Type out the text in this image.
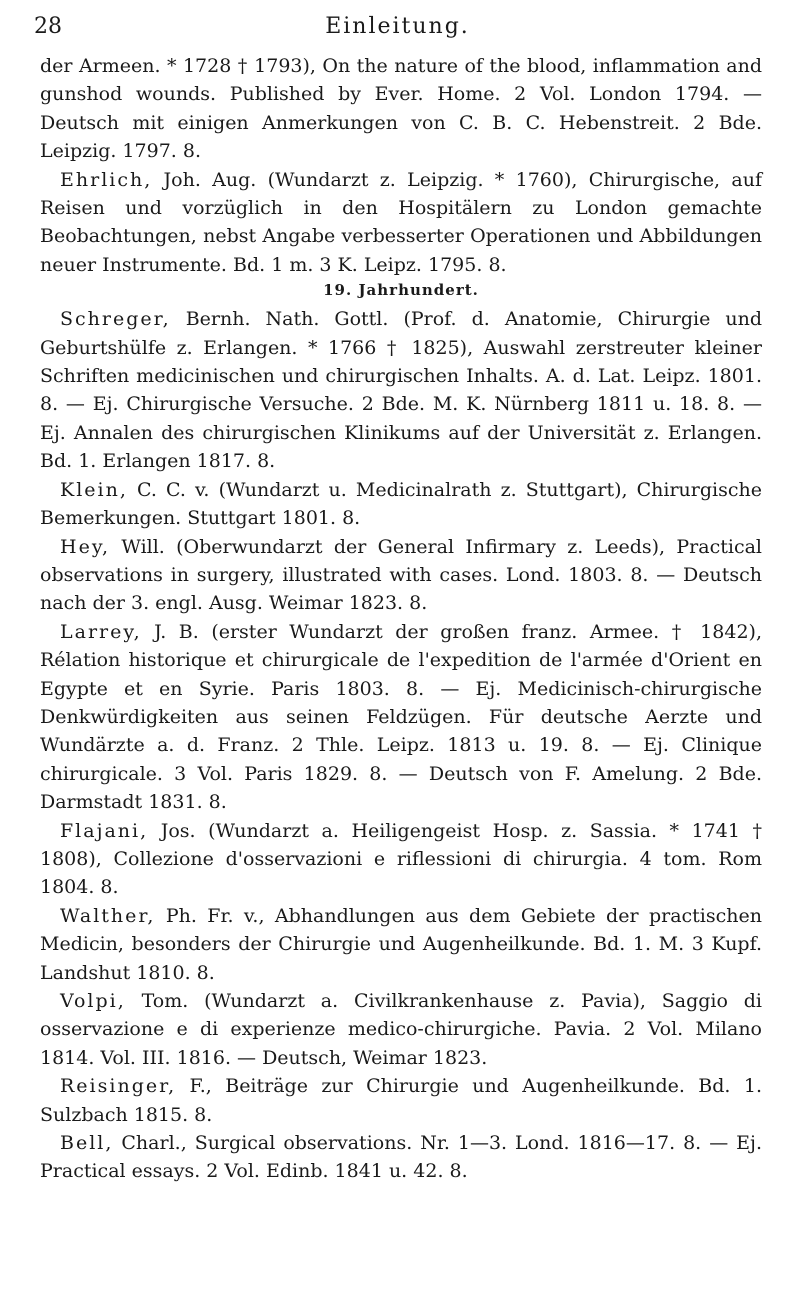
28	Einleitung.

der Armeen. * 1728 † 1793), On the nature of the blood, inflammation and gunshod wounds. Published by Ever. Home. 2 Vol. London 1794. — Deutsch mit einigen Anmerkungen von C. B. C. Hebenstreit. 2 Bde. Leipzig. 1797. 8.

Ehrlich, Joh. Aug. (Wundarzt z. Leipzig. * 1760), Chirurgische, auf Reisen und vorzüglich in den Hospitälern zu London gemachte Beobachtungen, nebst Angabe verbesserter Operationen und Abbildungen neuer Instrumente. Bd. 1 m. 3 K. Leipz. 1795. 8.

19. Jahrhundert.

Schreger, Bernh. Nath. Gottl. (Prof. d. Anatomie, Chirurgie und Geburtshülfe z. Erlangen. * 1766 † 1825), Auswahl zerstreuter kleiner Schriften medicinischen und chirurgischen Inhalts. A. d. Lat. Leipz. 1801. 8. — Ej. Chirurgische Versuche. 2 Bde. M. K. Nürnberg 1811 u. 18. 8. — Ej. Annalen des chirurgischen Klinikums auf der Universität z. Erlangen. Bd. 1. Erlangen 1817. 8.

Klein, C. C. v. (Wundarzt u. Medicinalrath z. Stuttgart), Chirurgische Bemerkungen. Stuttgart 1801. 8.

Hey, Will. (Oberwundarzt der General Infirmary z. Leeds), Practical observations in surgery, illustrated with cases. Lond. 1803. 8. — Deutsch nach der 3. engl. Ausg. Weimar 1823. 8.

Larrey, J. B. (erster Wundarzt der großen franz. Armee. † 1842), Rélation historique et chirurgicale de l'expedition de l'armée d'Orient en Egypte et en Syrie. Paris 1803. 8. — Ej. Medicinisch-chirurgische Denkwürdigkeiten aus seinen Feldzügen. Für deutsche Aerzte und Wundärzte a. d. Franz. 2 Thle. Leipz. 1813 u. 19. 8. — Ej. Clinique chirurgicale. 3 Vol. Paris 1829. 8. — Deutsch von F. Amelung. 2 Bde. Darmstadt 1831. 8.

Flajani, Jos. (Wundarzt a. Heiligengeist Hosp. z. Sassia. * 1741 † 1808), Collezione d'osservazioni e riflessioni di chirurgia. 4 tom. Rom 1804. 8.

Walther, Ph. Fr. v., Abhandlungen aus dem Gebiete der practischen Medicin, besonders der Chirurgie und Augenheilkunde. Bd. 1. M. 3 Kupf. Landshut 1810. 8.

Volpi, Tom. (Wundarzt a. Civilkrankenhause z. Pavia), Saggio di osservazione e di experienze medico-chirurgiche. Pavia. 2 Vol. Milano 1814. Vol. III. 1816. — Deutsch, Weimar 1823.

Reisinger, F., Beiträge zur Chirurgie und Augenheilkunde. Bd. 1. Sulzbach 1815. 8.

Bell, Charl., Surgical observations. Nr. 1—3. Lond. 1816—17. 8. — Ej. Practical essays. 2 Vol. Edinb. 1841 u. 42. 8.
